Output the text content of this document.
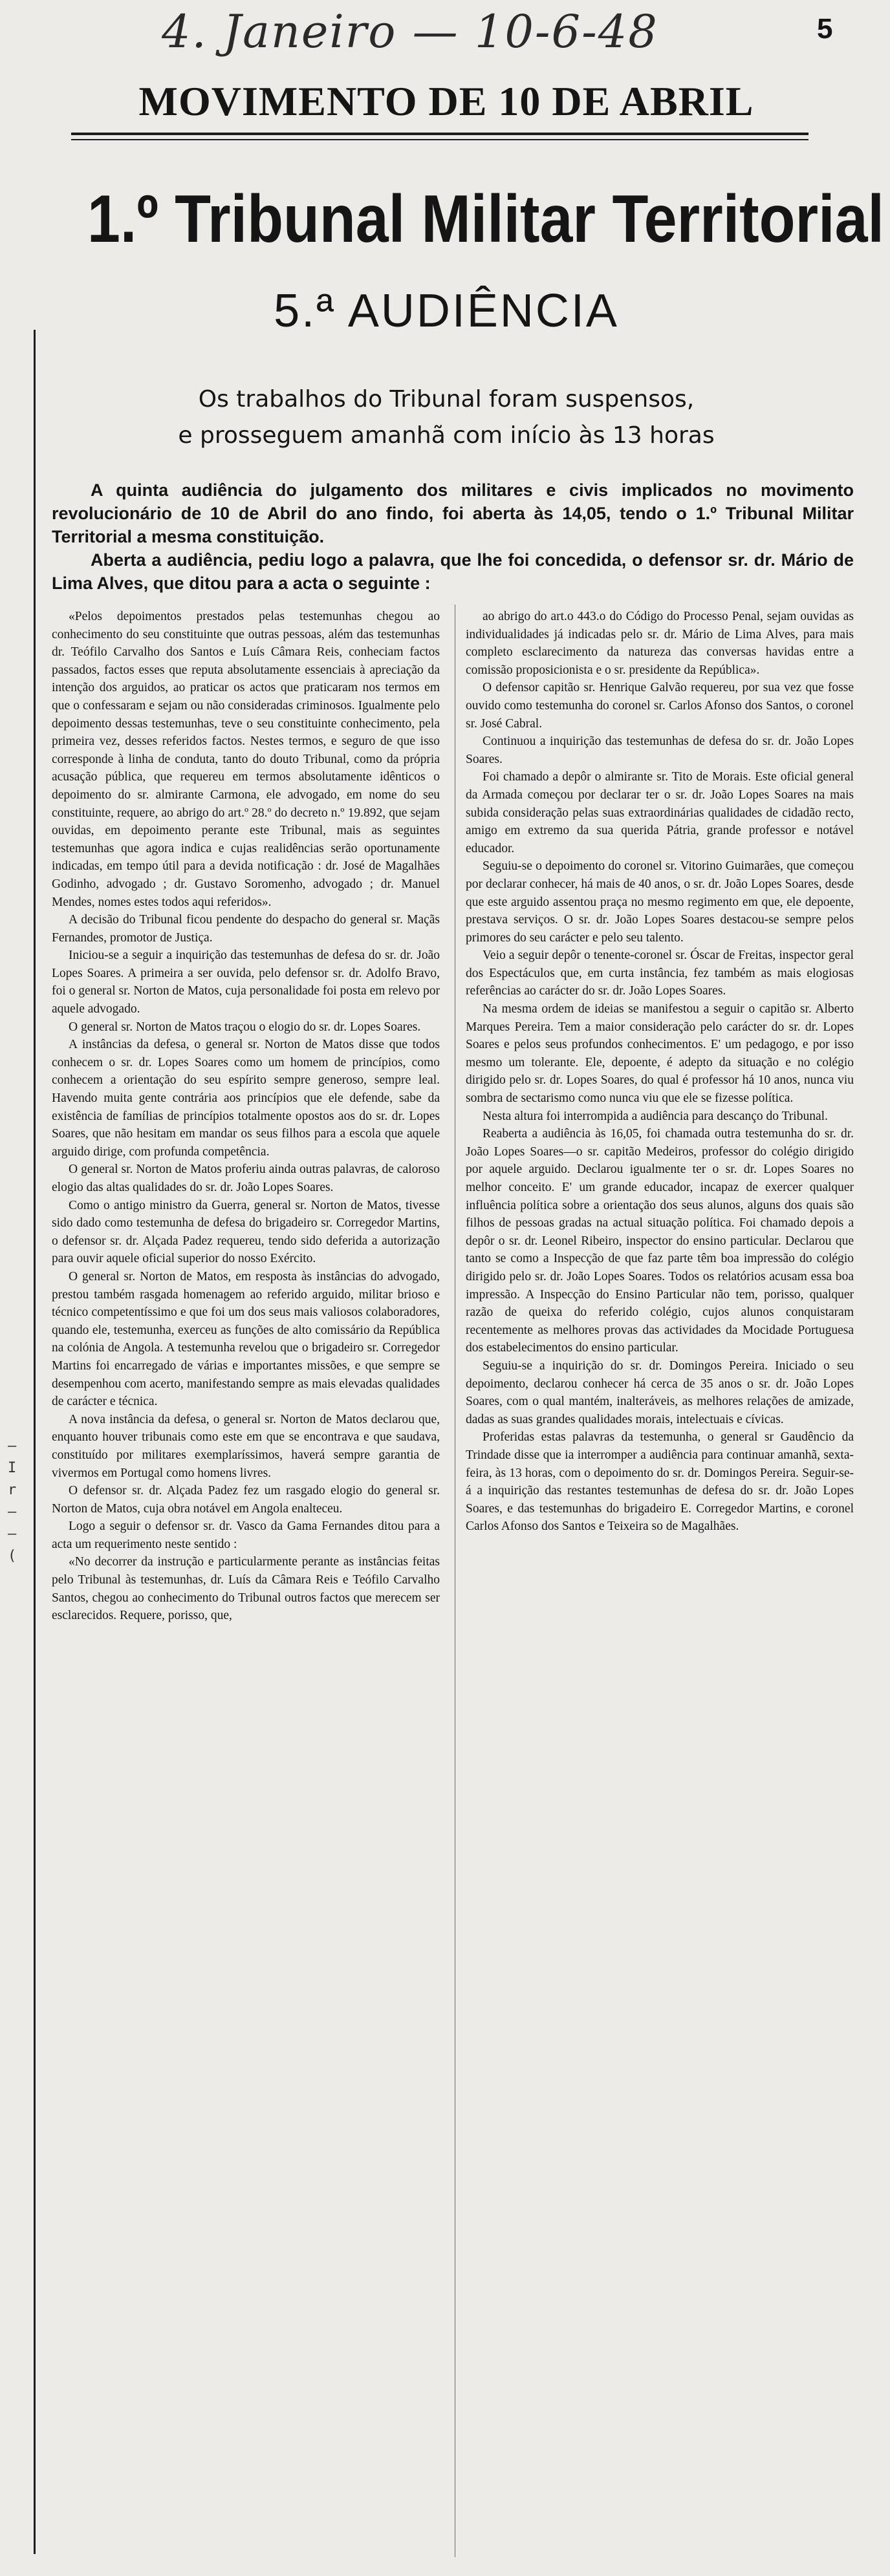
4. Janeiro — 10-6-48	5
MOVIMENTO DE 10 DE ABRIL
1.º Tribunal Militar Territorial
5.ª AUDIÊNCIA
Os trabalhos do Tribunal foram suspensos,
e prosseguem amanhã com início às 13 horas

A quinta audiência do julgamento dos militares e civis implicados no movimento revolucionário de 10 de Abril do ano findo, foi aberta às 14,05, tendo o 1.º Tribunal Militar Territorial a mesma constituição.

Aberta a audiência, pediu logo a palavra, que lhe foi concedida, o defensor sr. dr. Mário de Lima Alves, que ditou para a acta o seguinte :

«Pelos depoimentos prestados pelas testemunhas chegou ao conhecimento do seu constituinte que outras pessoas, além das testemunhas dr. Teófilo Carvalho dos Santos e Luís Câmara Reis, conheciam factos passados, factos esses que reputa absolutamente essenciais à apreciação da intenção dos arguidos, ao praticar os actos que praticaram nos termos em que o confessaram e sejam ou não consideradas criminosos. Igualmente pelo depoimento dessas testemunhas, teve o seu constituinte conhecimento, pela primeira vez, desses referidos factos. Nestes termos, e seguro de que isso corresponde à linha de conduta, tanto do douto Tribunal, como da própria acusação pública, que requereu em termos absolutamente idênticos o depoimento do sr. almirante Carmona, ele advogado, em nome do seu constituinte, requere, ao abrigo do art.º 28.º do decreto n.º 19.892, que sejam ouvidas, em depoimento perante este Tribunal, mais as seguintes testemunhas que agora indica e cujas realidências serão oportunamente indicadas, em tempo útil para a devida notificação : dr. José de Magalhães Godinho, advogado ; dr. Gustavo Soromenho, advogado ; dr. Manuel Mendes, nomes estes todos aqui referidos».

A decisão do Tribunal ficou pendente do despacho do general sr. Maçãs Fernandes, promotor de Justiça.

Iniciou-se a seguir a inquirição das testemunhas de defesa do sr. dr. João Lopes Soares. A primeira a ser ouvida, pelo defensor sr. dr. Adolfo Bravo, foi o general sr. Norton de Matos, cuja personalidade foi posta em relevo por aquele advogado.

O general sr. Norton de Matos traçou o elogio do sr. dr. Lopes Soares.

A instâncias da defesa, o general sr. Norton de Matos disse que todos conhecem o sr. dr. Lopes Soares como um homem de princípios, como conhecem a orientação do seu espírito sempre generoso, sempre leal. Havendo muita gente contrária aos princípios que ele defende, sabe da existência de famílias de princípios totalmente opostos aos do sr. dr. Lopes Soares, que não hesitam em mandar os seus filhos para a escola que aquele arguido dirige, com profunda competência.

O general sr. Norton de Matos proferiu ainda outras palavras, de caloroso elogio das altas qualidades do sr. dr. João Lopes Soares.

Como o antigo ministro da Guerra, general sr. Norton de Matos, tivesse sido dado como testemunha de defesa do brigadeiro sr. Corregedor Martins, o defensor sr. dr. Alçada Padez requereu, tendo sido deferida a autorização para ouvir aquele oficial superior do nosso Exército.

O general sr. Norton de Matos, em resposta às instâncias do advogado, prestou também rasgada homenagem ao referido arguido, militar brioso e técnico competentíssimo e que foi um dos seus mais valiosos colaboradores, quando ele, testemunha, exerceu as funções de alto comissário da República na colónia de Angola. A testemunha revelou que o brigadeiro sr. Corregedor Martins foi encarregado de várias e importantes missões, e que sempre se desempenhou com acerto, manifestando sempre as mais elevadas qualidades de carácter e técnica.

A nova instância da defesa, o general sr. Norton de Matos declarou que, enquanto houver tribunais como este em que se encontrava e que saudava, constituído por militares exemplaríssimos, haverá sempre garantia de vivermos em Portugal como homens livres.

O defensor sr. dr. Alçada Padez fez um rasgado elogio do general sr. Norton de Matos, cuja obra notável em Angola enalteceu.

Logo a seguir o defensor sr. dr. Vasco da Gama Fernandes ditou para a acta um requerimento neste sentido :

«No decorrer da instrução e particularmente perante as instâncias feitas pelo Tribunal às testemunhas, dr. Luís da Câmara Reis e Teófilo Carvalho Santos, chegou ao conhecimento do Tribunal outros factos que merecem ser esclarecidos. Requere, porisso, que,

ao abrigo do art.o 443.o do Código do Processo Penal, sejam ouvidas as individualidades já indicadas pelo sr. dr. Mário de Lima Alves, para mais completo esclarecimento da natureza das conversas havidas entre a comissão proposicionista e o sr. presidente da República».

O defensor capitão sr. Henrique Galvão requereu, por sua vez que fosse ouvido como testemunha do coronel sr. Carlos Afonso dos Santos, o coronel sr. José Cabral.

Continuou a inquirição das testemunhas de defesa do sr. dr. João Lopes Soares.

Foi chamado a depôr o almirante sr. Tito de Morais. Este oficial general da Armada começou por declarar ter o sr. dr. João Lopes Soares na mais subida consideração pelas suas extraordinárias qualidades de cidadão recto, amigo em extremo da sua querida Pátria, grande professor e notável educador.

Seguiu-se o depoimento do coronel sr. Vitorino Guimarães, que começou por declarar conhecer, há mais de 40 anos, o sr. dr. João Lopes Soares, desde que este arguido assentou praça no mesmo regimento em que, ele depoente, prestava serviços. O sr. dr. João Lopes Soares destacou-se sempre pelos primores do seu carácter e pelo seu talento.

Veio a seguir depôr o tenente-coronel sr. Óscar de Freitas, inspector geral dos Espectáculos que, em curta instância, fez também as mais elogiosas referências ao carácter do sr. dr. João Lopes Soares.

Na mesma ordem de ideias se manifestou a seguir o capitão sr. Alberto Marques Pereira. Tem a maior consideração pelo carácter do sr. dr. Lopes Soares e pelos seus profundos conhecimentos. E' um pedagogo, e por isso mesmo um tolerante. Ele, depoente, é adepto da situação e no colégio dirigido pelo sr. dr. Lopes Soares, do qual é professor há 10 anos, nunca viu sombra de sectarismo como nunca viu que ele se fizesse política.

Nesta altura foi interrompida a audiência para descanço do Tribunal.

Reaberta a audiência às 16,05, foi chamada outra testemunha do sr. dr. João Lopes Soares—o sr. capitão Medeiros, professor do colégio dirigido por aquele arguido. Declarou igualmente ter o sr. dr. Lopes Soares no melhor conceito. E' um grande educador, incapaz de exercer qualquer influência política sobre a orientação dos seus alunos, alguns dos quais são filhos de pessoas gradas na actual situação política. Foi chamado depois a depôr o sr. dr. Leonel Ribeiro, inspector do ensino particular. Declarou que tanto se como a Inspecção de que faz parte têm boa impressão do colégio dirigido pelo sr. dr. João Lopes Soares. Todos os relatórios acusam essa boa impressão. A Inspecção do Ensino Particular não tem, porisso, qualquer razão de queixa do referido colégio, cujos alunos conquistaram recentemente as melhores provas das actividades da Mocidade Portuguesa dos estabelecimentos do ensino particular.

Seguiu-se a inquirição do sr. dr. Domingos Pereira. Iniciado o seu depoimento, declarou conhecer há cerca de 35 anos o sr. dr. João Lopes Soares, com o qual mantém, inalteráveis, as melhores relações de amizade, dadas as suas grandes qualidades morais, intelectuais e cívicas.

Proferidas estas palavras da testemunha, o general sr Gaudêncio da Trindade disse que ia interromper a audiência para continuar amanhã, sexta-feira, às 13 horas, com o depoimento do sr. dr. Domingos Pereira. Seguir-se-á a inquirição das restantes testemunhas de defesa do sr. dr. João Lopes Soares, e das testemunhas do brigadeiro E. Corregedor Martins, e coronel Carlos Afonso dos Santos e Teixeira so de Magalhães.

— I r — — (
